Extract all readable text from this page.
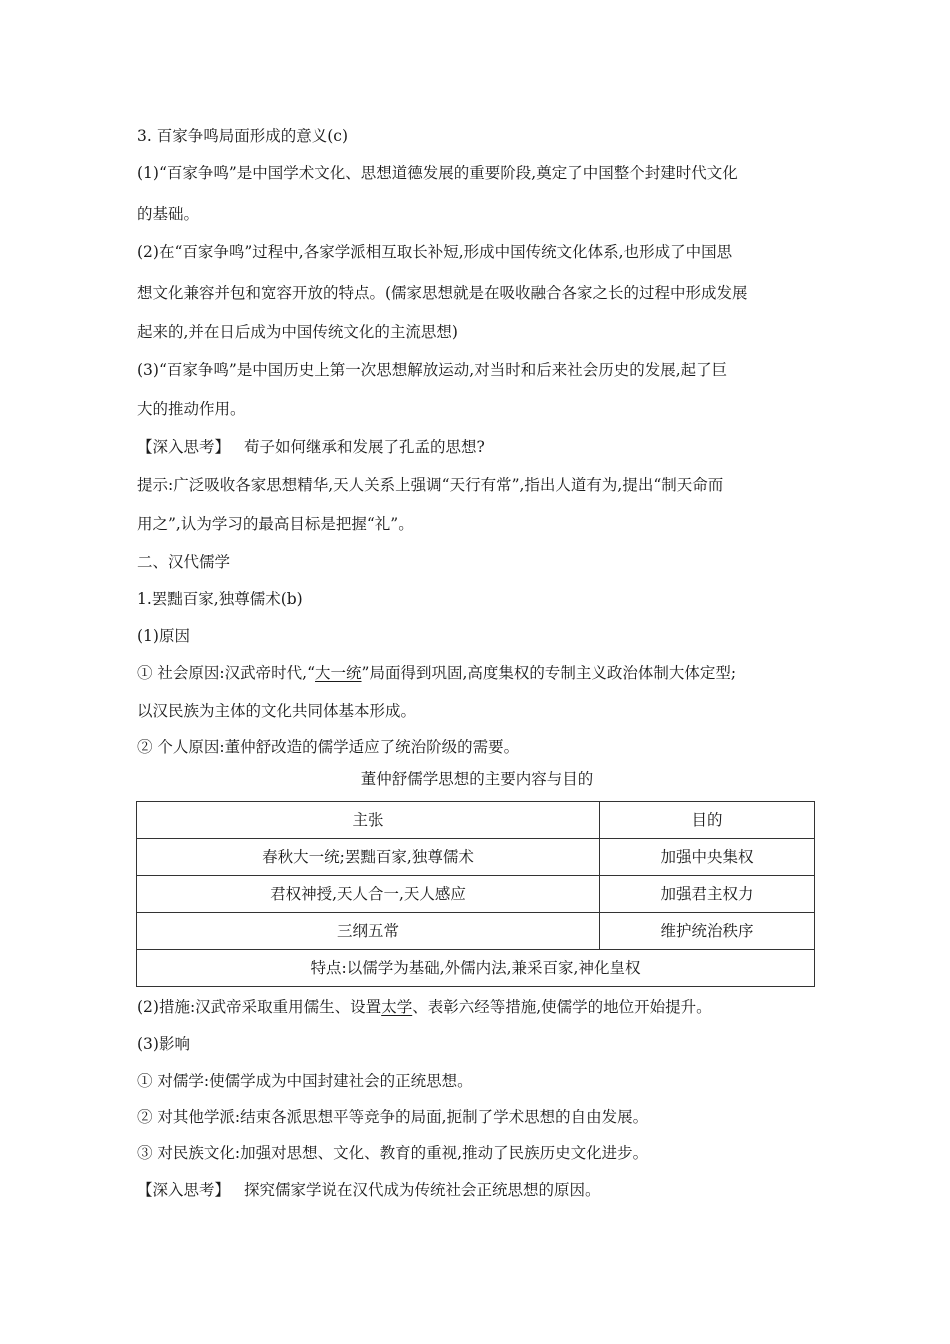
3. 百家争鸣局面形成的意义(c)
(1)“百家争鸣”是中国学术文化、思想道德发展的重要阶段,奠定了中国整个封建时代文化
的基础。
(2)在“百家争鸣”过程中,各家学派相互取长补短,形成中国传统文化体系,也形成了中国思
想文化兼容并包和宽容开放的特点。(儒家思想就是在吸收融合各家之长的过程中形成发展
起来的,并在日后成为中国传统文化的主流思想)
(3)“百家争鸣”是中国历史上第一次思想解放运动,对当时和后来社会历史的发展,起了巨
大的推动作用。
【深入思考】 荀子如何继承和发展了孔孟的思想?
提示:广泛吸收各家思想精华,天人关系上强调“天行有常”,指出人道有为,提出“制天命而
用之”,认为学习的最高目标是把握“礼”。
二、汉代儒学
1.罢黜百家,独尊儒术(b)
(1)原因
① 社会原因:汉武帝时代,“大一统”局面得到巩固,高度集权的专制主义政治体制大体定型;
以汉民族为主体的文化共同体基本形成。
② 个人原因:董仲舒改造的儒学适应了统治阶级的需要。
董仲舒儒学思想的主要内容与目的
主张	目的
春秋大一统;罢黜百家,独尊儒术	加强中央集权
君权神授,天人合一,天人感应	加强君主权力
三纲五常	维护统治秩序
特点:以儒学为基础,外儒内法,兼采百家,神化皇权	
(2)措施:汉武帝采取重用儒生、设置太学、表彰六经等措施,使儒学的地位开始提升。
(3)影响
① 对儒学:使儒学成为中国封建社会的正统思想。
② 对其他学派:结束各派思想平等竞争的局面,扼制了学术思想的自由发展。
③ 对民族文化:加强对思想、文化、教育的重视,推动了民族历史文化进步。
【深入思考】 探究儒家学说在汉代成为传统社会正统思想的原因。
